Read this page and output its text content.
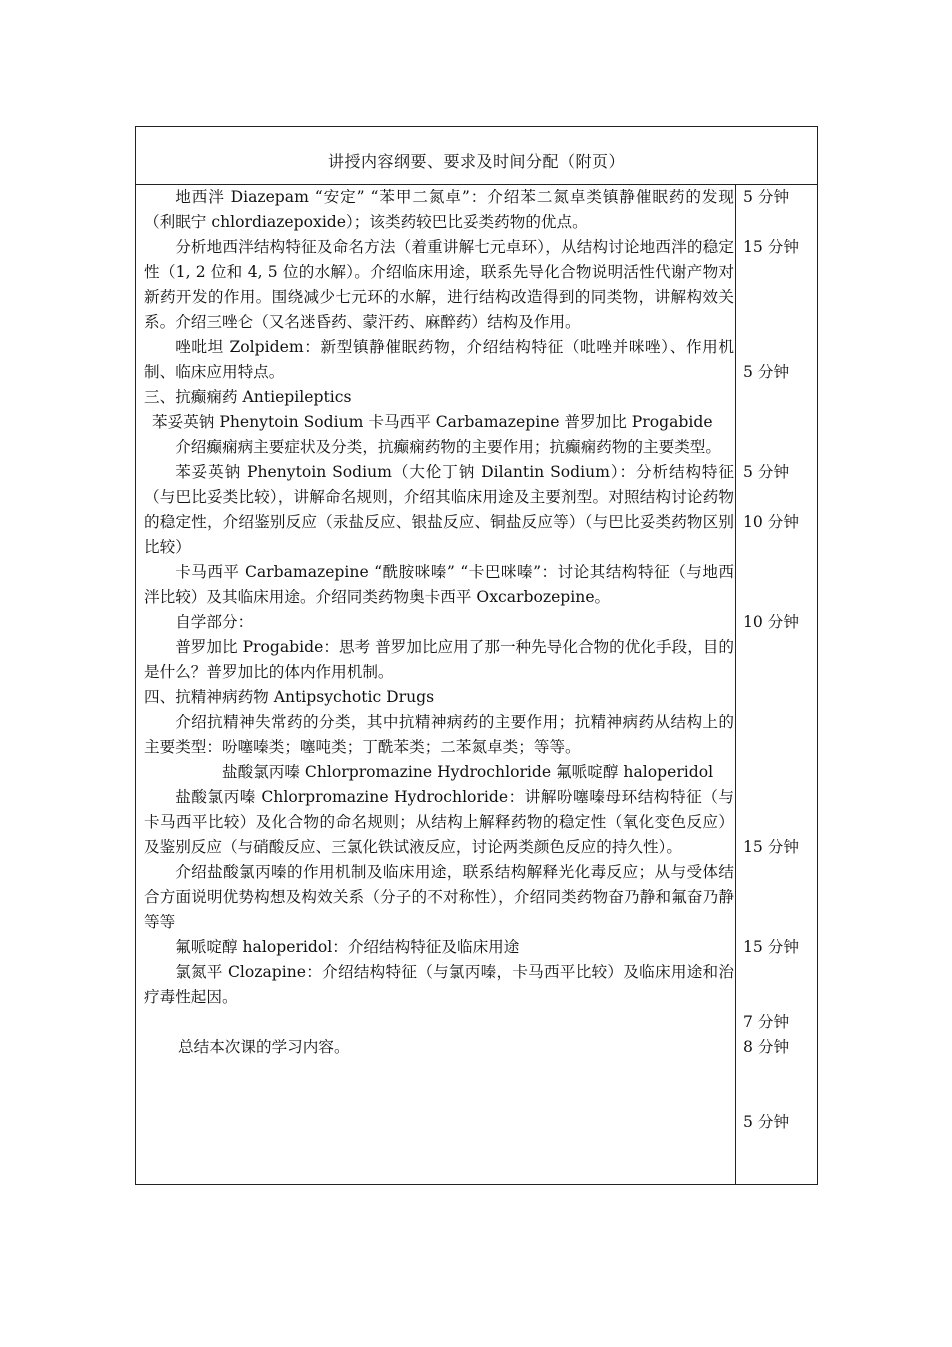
讲授内容纲要、要求及时间分配（附页）

地西泮 Diazepam “安定” “苯甲二氮卓”：介绍苯二氮卓类镇静催眠药的发现（利眠宁 chlordiazepoxide）；该类药较巴比妥类药物的优点。

分析地西泮结构特征及命名方法（着重讲解七元卓环），从结构讨论地西泮的稳定性（1, 2 位和 4, 5 位的水解）。介绍临床用途，联系先导化合物说明活性代谢产物对新药开发的作用。围绕减少七元环的水解，进行结构改造得到的同类物，讲解构效关系。介绍三唑仑（又名迷昏药、蒙汗药、麻醉药）结构及作用。

唑吡坦 Zolpidem：新型镇静催眠药物，介绍结构特征（吡唑并咪唑）、作用机制、临床应用特点。

三、抗癫痫药 Antiepileptics

苯妥英钠 Phenytoin Sodium 卡马西平 Carbamazepine 普罗加比 Progabide

介绍癫痫病主要症状及分类，抗癫痫药物的主要作用；抗癫痫药物的主要类型。

苯妥英钠 Phenytoin Sodium（大伦丁钠 Dilantin Sodium）：分析结构特征（与巴比妥类比较），讲解命名规则，介绍其临床用途及主要剂型。对照结构讨论药物的稳定性，介绍鉴别反应（汞盐反应、银盐反应、铜盐反应等）（与巴比妥类药物区别比较）

卡马西平 Carbamazepine “酰胺咪嗪” “卡巴咪嗪”：讨论其结构特征（与地西泮比较）及其临床用途。介绍同类药物奥卡西平 Oxcarbozepine。

自学部分：

普罗加比 Progabide：思考 普罗加比应用了那一种先导化合物的优化手段，目的是什么？普罗加比的体内作用机制。

四、抗精神病药物 Antipsychotic Drugs

介绍抗精神失常药的分类，其中抗精神病药的主要作用；抗精神病药从结构上的主要类型：吩噻嗪类；噻吨类；丁酰苯类；二苯氮卓类；等等。

盐酸氯丙嗪 Chlorpromazine Hydrochloride 氟哌啶醇 haloperidol

盐酸氯丙嗪 Chlorpromazine Hydrochloride：讲解吩噻嗪母环结构特征（与卡马西平比较）及化合物的命名规则；从结构上解释药物的稳定性（氧化变色反应）及鉴别反应（与硝酸反应、三氯化铁试液反应，讨论两类颜色反应的持久性）。

介绍盐酸氯丙嗪的作用机制及临床用途，联系结构解释光化毒反应；从与受体结合方面说明优势构想及构效关系（分子的不对称性），介绍同类药物奋乃静和氟奋乃静等等

氟哌啶醇 haloperidol：介绍结构特征及临床用途

氯氮平 Clozapine：介绍结构特征（与氯丙嗪，卡马西平比较）及临床用途和治疗毒性起因。

总结本次课的学习内容。

5 分钟
15 分钟
5 分钟
5 分钟
10 分钟
10 分钟
15 分钟
15 分钟
7 分钟
8 分钟
5 分钟
